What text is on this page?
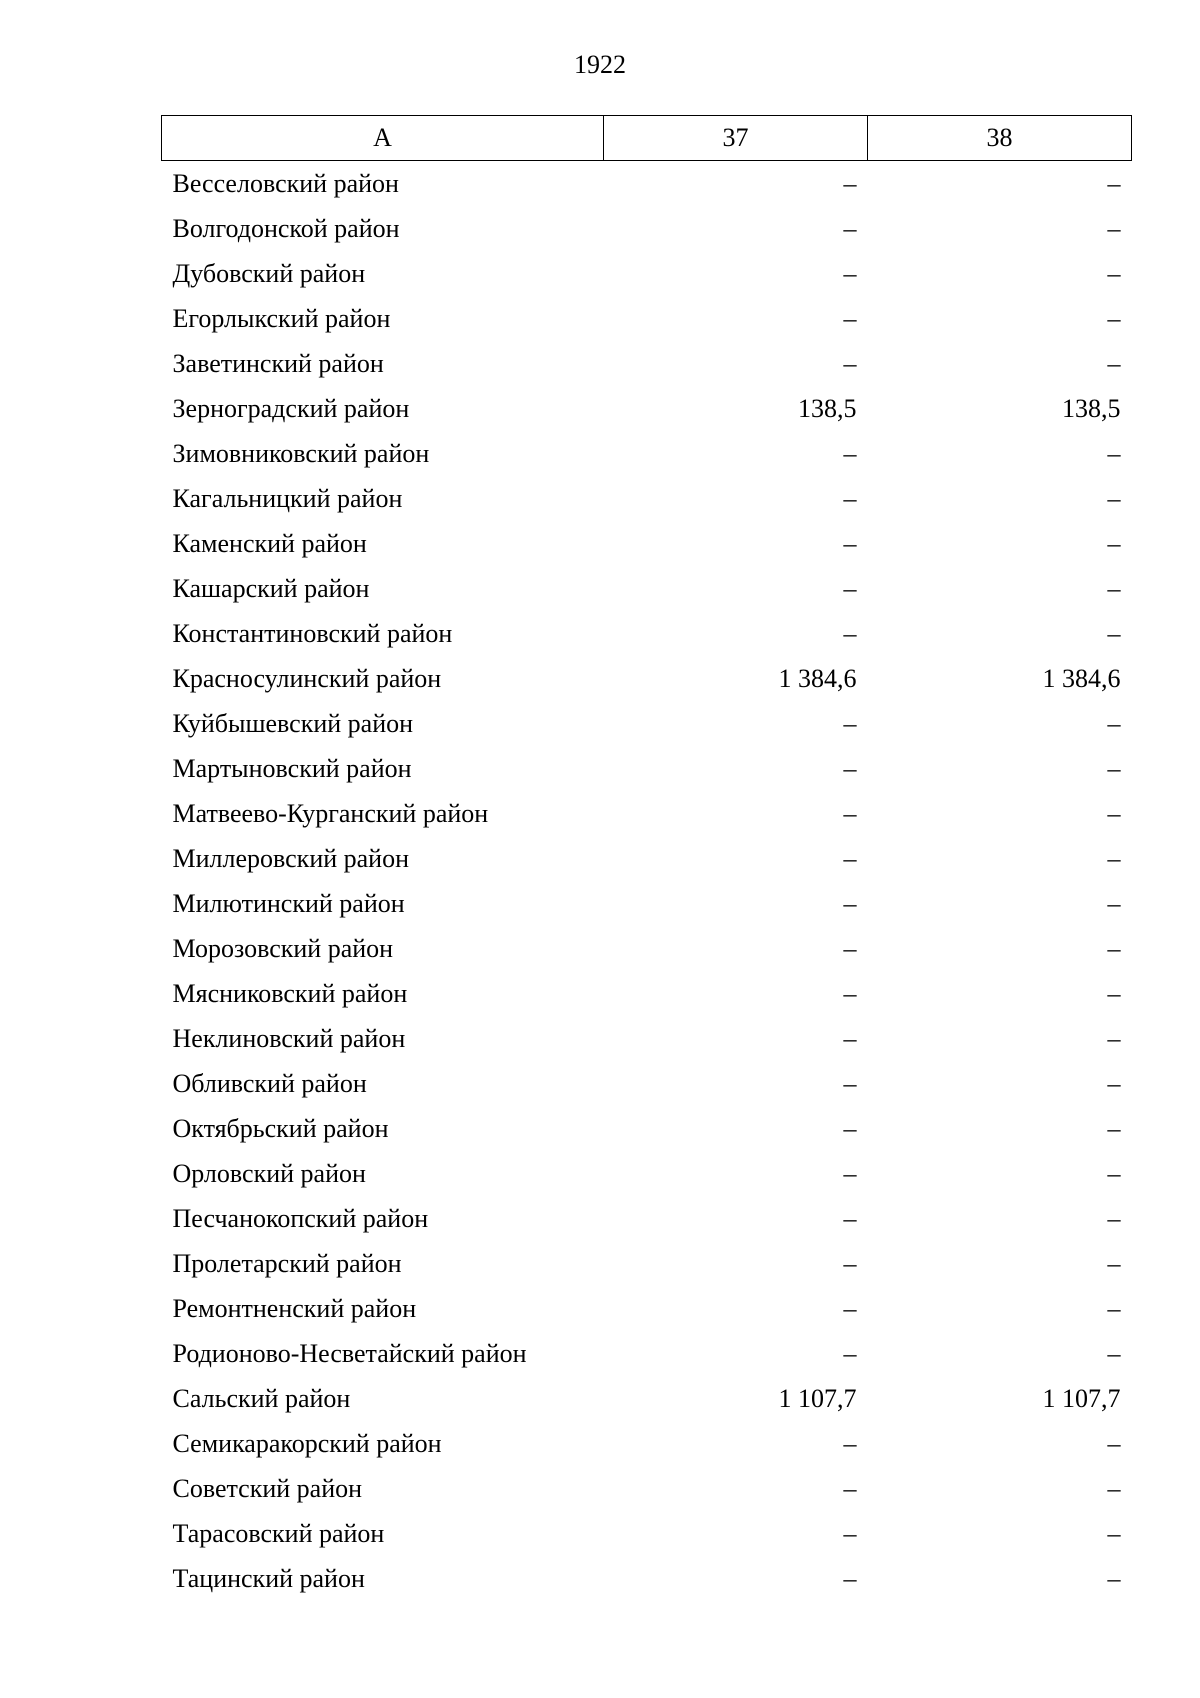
1922
А	37	38
Весселовский район	–	–
Волгодонской район	–	–
Дубовский район	–	–
Егорлыкский район	–	–
Заветинский район	–	–
Зерноградский район	138,5	138,5
Зимовниковский район	–	–
Кагальницкий район	–	–
Каменский район	–	–
Кашарский район	–	–
Константиновский район	–	–
Красносулинский район	1 384,6	1 384,6
Куйбышевский район	–	–
Мартыновский район	–	–
Матвеево-Курганский район	–	–
Миллеровский район	–	–
Милютинский район	–	–
Морозовский район	–	–
Мясниковский район	–	–
Неклиновский район	–	–
Обливский район	–	–
Октябрьский район	–	–
Орловский район	–	–
Песчанокопский район	–	–
Пролетарский район	–	–
Ремонтненский район	–	–
Родионово-Несветайский район	–	–
Сальский район	1 107,7	1 107,7
Семикаракорский район	–	–
Советский район	–	–
Тарасовский район	–	–
Тацинский район	–	–
